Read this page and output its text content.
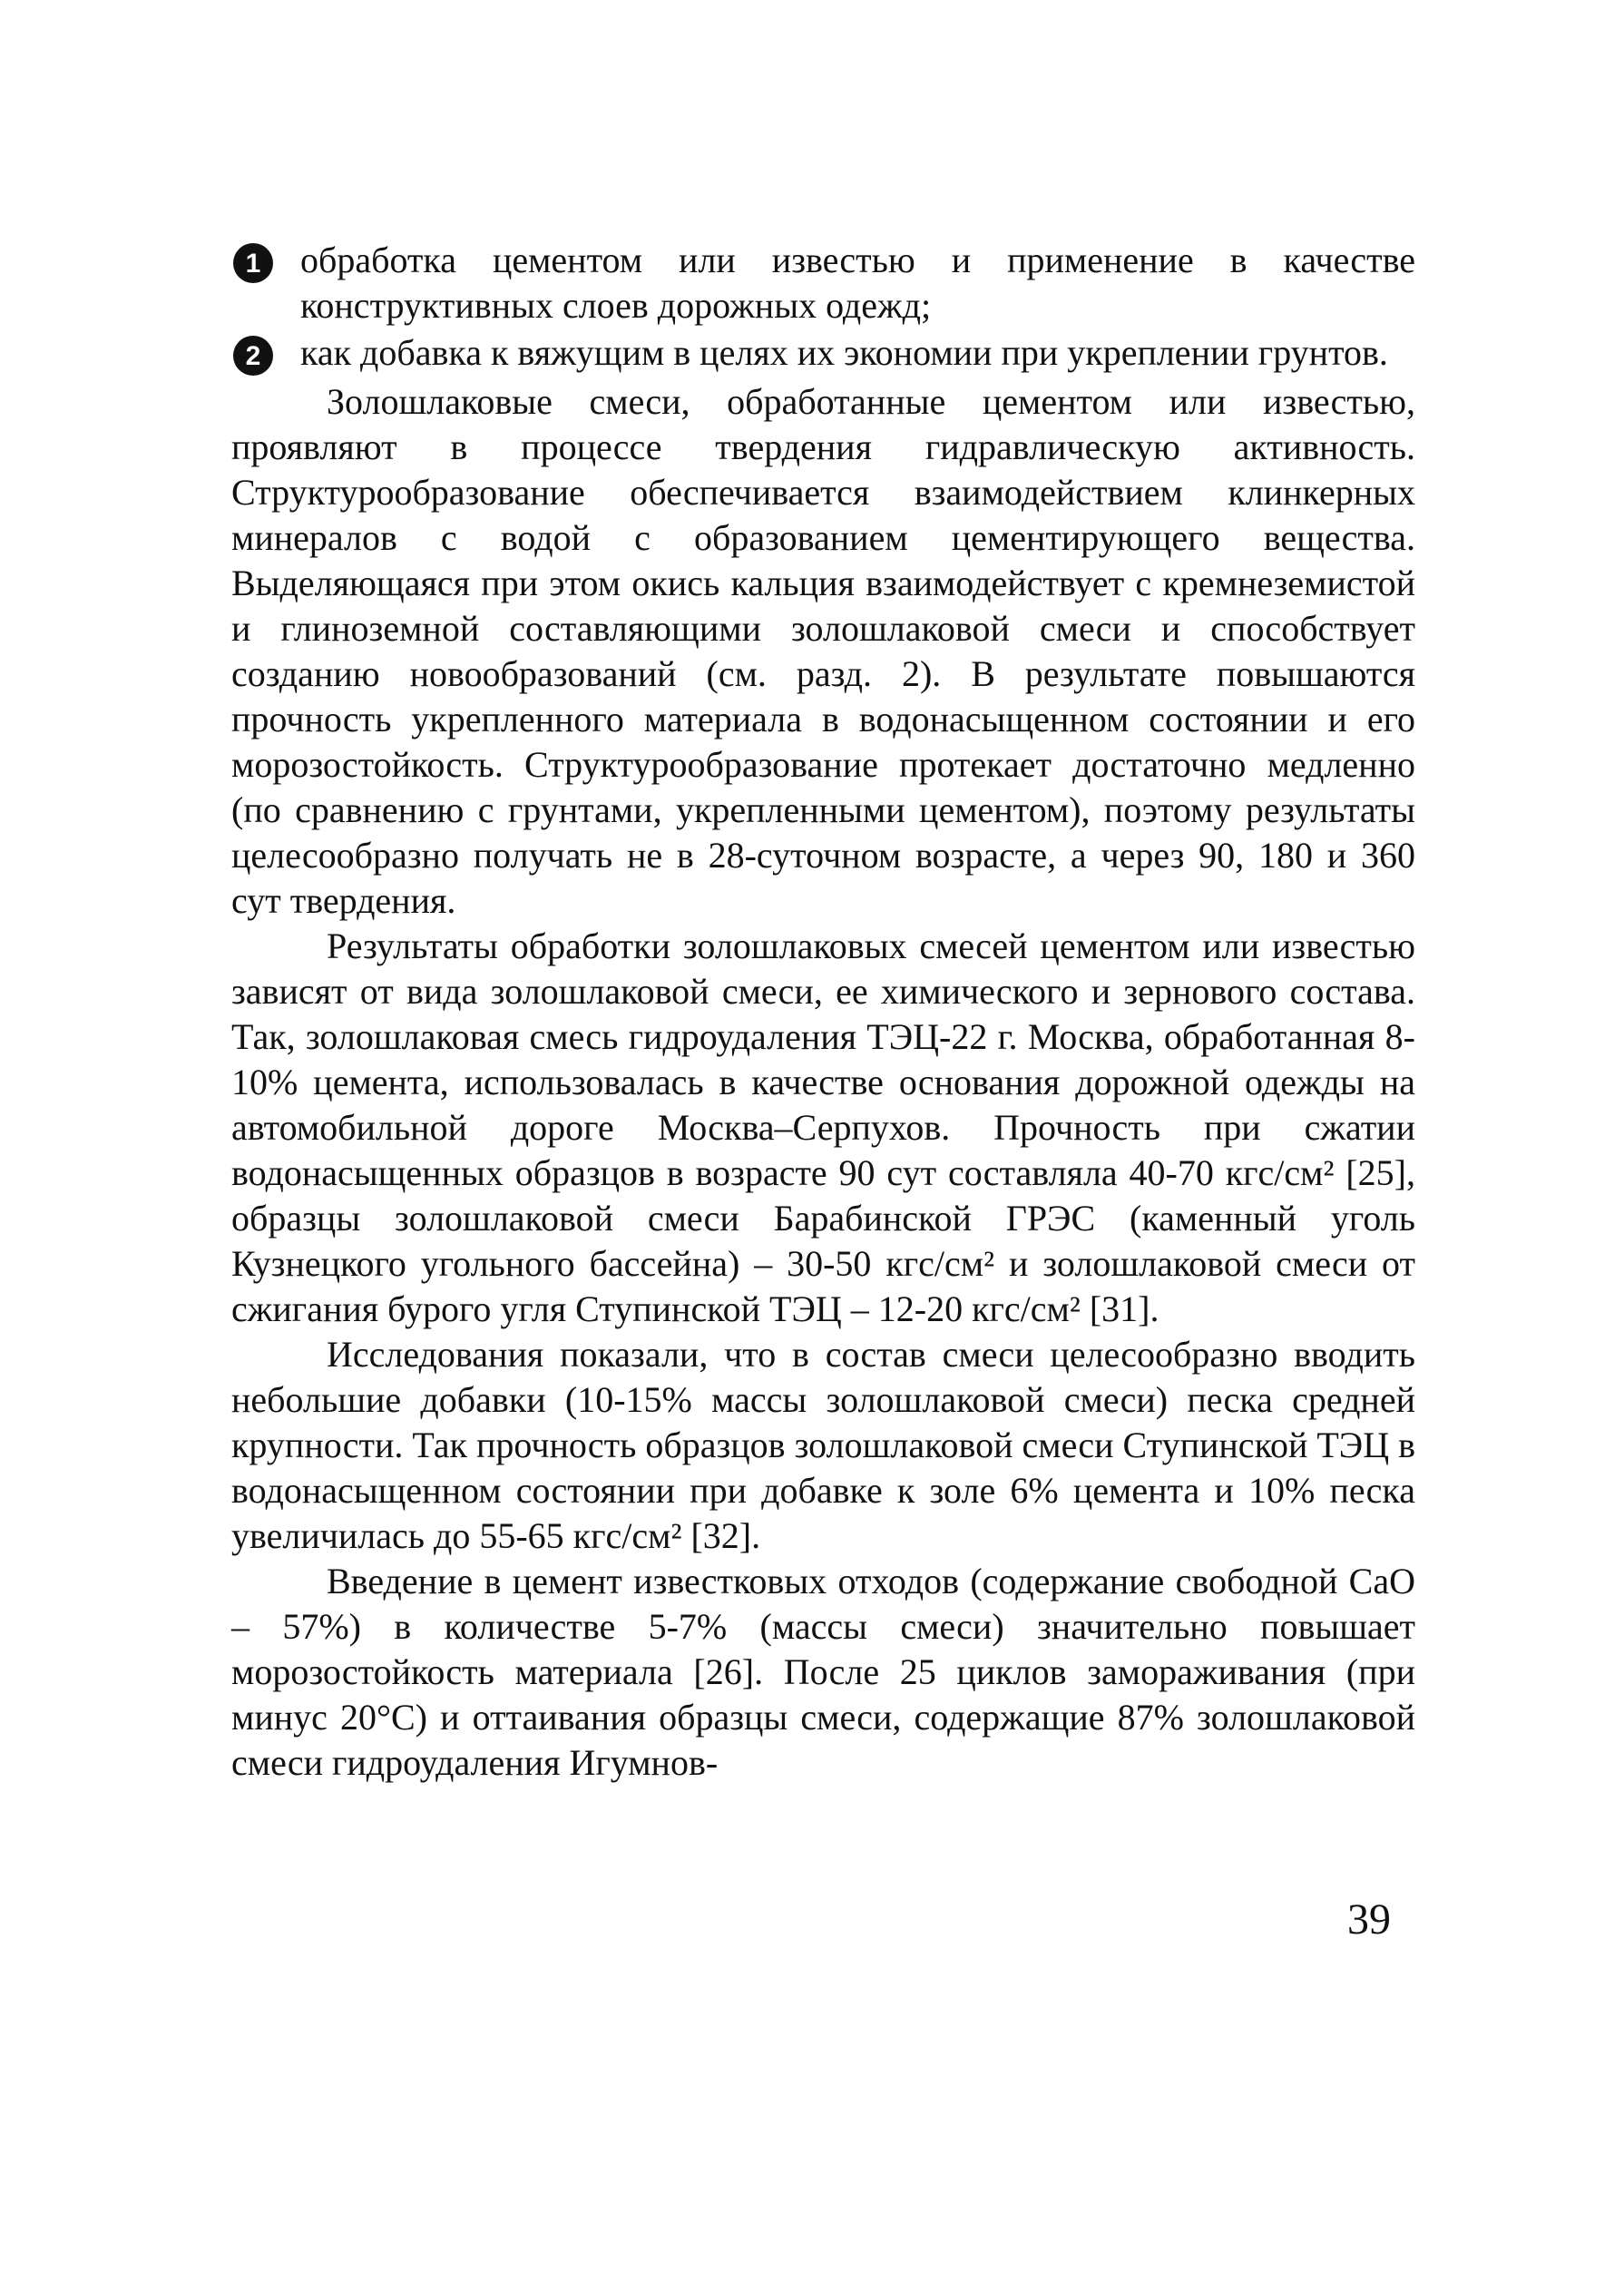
1 обработка цементом или известью и применение в качестве конструктивных слоев дорожных одежд;
2 как добавка к вяжущим в целях их экономии при укреплении грунтов.

Золошлаковые смеси, обработанные цементом или известью, проявляют в процессе твердения гидравлическую активность. Структурообразование обеспечивается взаимодействием клинкерных минералов с водой с образованием цементирующего вещества. Выделяющаяся при этом окись кальция взаимодействует с кремнеземистой и глиноземной составляющими золошлаковой смеси и способствует созданию новообразований (см. разд. 2). В результате повышаются прочность укрепленного материала в водонасыщенном состоянии и его морозостойкость. Структурообразование протекает достаточно медленно (по сравнению с грунтами, укрепленными цементом), поэтому результаты целесообразно получать не в 28-суточном возрасте, а через 90, 180 и 360 сут твердения.

Результаты обработки золошлаковых смесей цементом или известью зависят от вида золошлаковой смеси, ее химического и зернового состава. Так, золошлаковая смесь гидроудаления ТЭЦ-22 г. Москва, обработанная 8-10% цемента, использовалась в качестве основания дорожной одежды на автомобильной дороге Москва–Серпухов. Прочность при сжатии водонасыщенных образцов в возрасте 90 сут составляла 40-70 кгс/см² [25], образцы золошлаковой смеси Барабинской ГРЭС (каменный уголь Кузнецкого угольного бассейна) – 30-50 кгс/см² и золошлаковой смеси от сжигания бурого угля Ступинской ТЭЦ – 12-20 кгс/см² [31].

Исследования показали, что в состав смеси целесообразно вводить небольшие добавки (10-15% массы золошлаковой смеси) песка средней крупности. Так прочность образцов золошлаковой смеси Ступинской ТЭЦ в водонасыщенном состоянии при добавке к золе 6% цемента и 10% песка увеличилась до 55-65 кгс/см² [32].

Введение в цемент известковых отходов (содержание свободной CaO – 57%) в количестве 5-7% (массы смеси) значительно повышает морозостойкость материала [26]. После 25 циклов замораживания (при минус 20°С) и оттаивания образцы смеси, содержащие 87% золошлаковой смеси гидроудаления Игумнов-

39
